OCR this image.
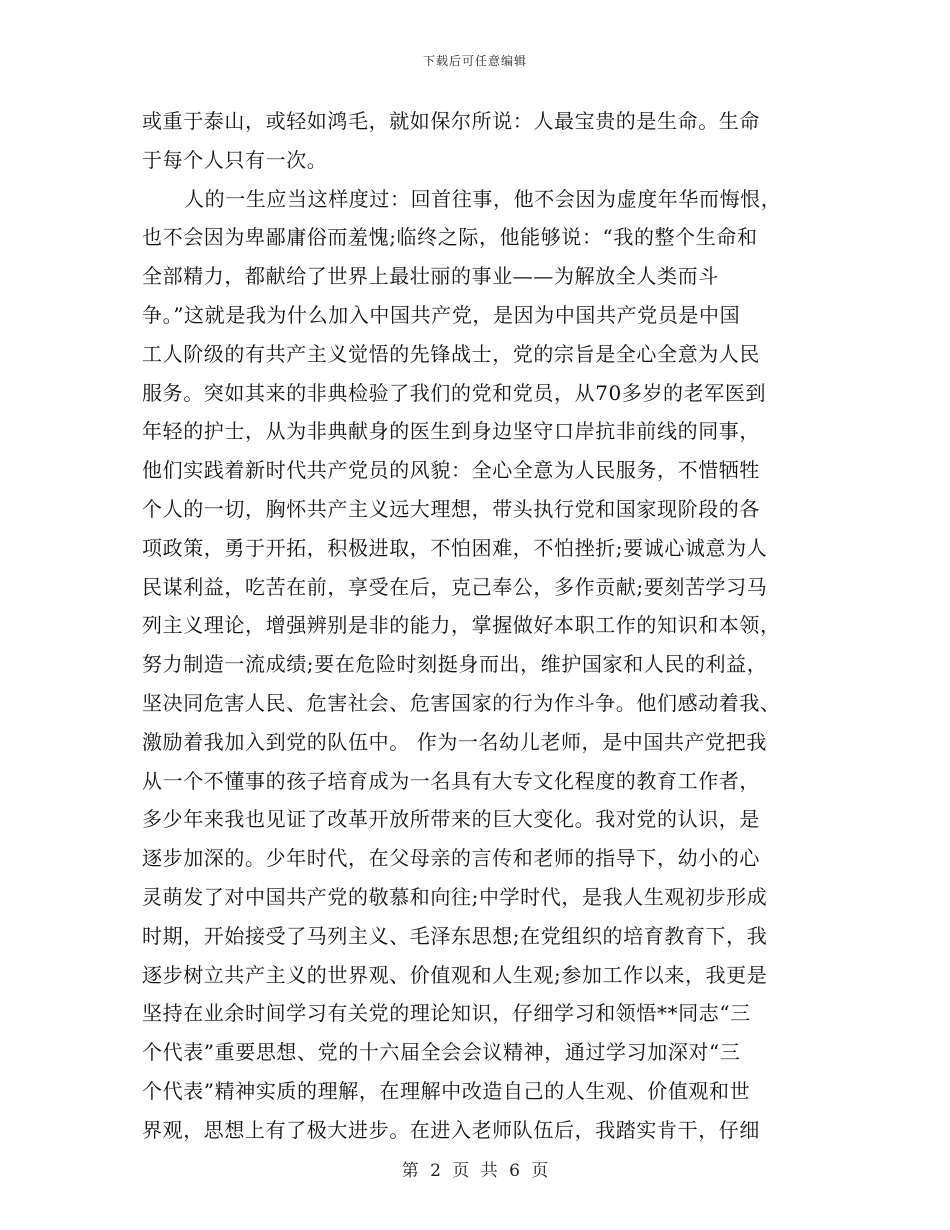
下载后可任意编辑
或重于泰山，或轻如鸿毛，就如保尔所说：人最宝贵的是生命。生命
于每个人只有一次。
人的一生应当这样度过：回首往事，他不会因为虚度年华而悔恨，
也不会因为卑鄙庸俗而羞愧;临终之际，他能够说：“我的整个生命和
全部精力，都献给了世界上最壮丽的事业——为解放全人类而斗
争。”这就是我为什么加入中国共产党，是因为中国共产党员是中国
工人阶级的有共产主义觉悟的先锋战士，党的宗旨是全心全意为人民
服务。突如其来的非典检验了我们的党和党员，从70多岁的老军医到
年轻的护士，从为非典献身的医生到身边坚守口岸抗非前线的同事，
他们实践着新时代共产党员的风貌：全心全意为人民服务，不惜牺牲
个人的一切，胸怀共产主义远大理想，带头执行党和国家现阶段的各
项政策，勇于开拓，积极进取，不怕困难，不怕挫折;要诚心诚意为人
民谋利益，吃苦在前，享受在后，克己奉公，多作贡献;要刻苦学习马
列主义理论，增强辨别是非的能力，掌握做好本职工作的知识和本领，
努力制造一流成绩;要在危险时刻挺身而出，维护国家和人民的利益，
坚决同危害人民、危害社会、危害国家的行为作斗争。他们感动着我、
激励着我加入到党的队伍中。 作为一名幼儿老师，是中国共产党把我
从一个不懂事的孩子培育成为一名具有大专文化程度的教育工作者，
多少年来我也见证了改革开放所带来的巨大变化。我对党的认识，是
逐步加深的。少年时代，在父母亲的言传和老师的指导下，幼小的心
灵萌发了对中国共产党的敬慕和向往;中学时代，是我人生观初步形成
时期，开始接受了马列主义、毛泽东思想;在党组织的培育教育下，我
逐步树立共产主义的世界观、价值观和人生观;参加工作以来，我更是
坚持在业余时间学习有关党的理论知识，仔细学习和领悟**同志“三
个代表”重要思想、党的十六届全会会议精神，通过学习加深对“三
个代表”精神实质的理解，在理解中改造自己的人生观、价值观和世
界观，思想上有了极大进步。在进入老师队伍后，我踏实肯干，仔细
第 2 页 共 6 页
